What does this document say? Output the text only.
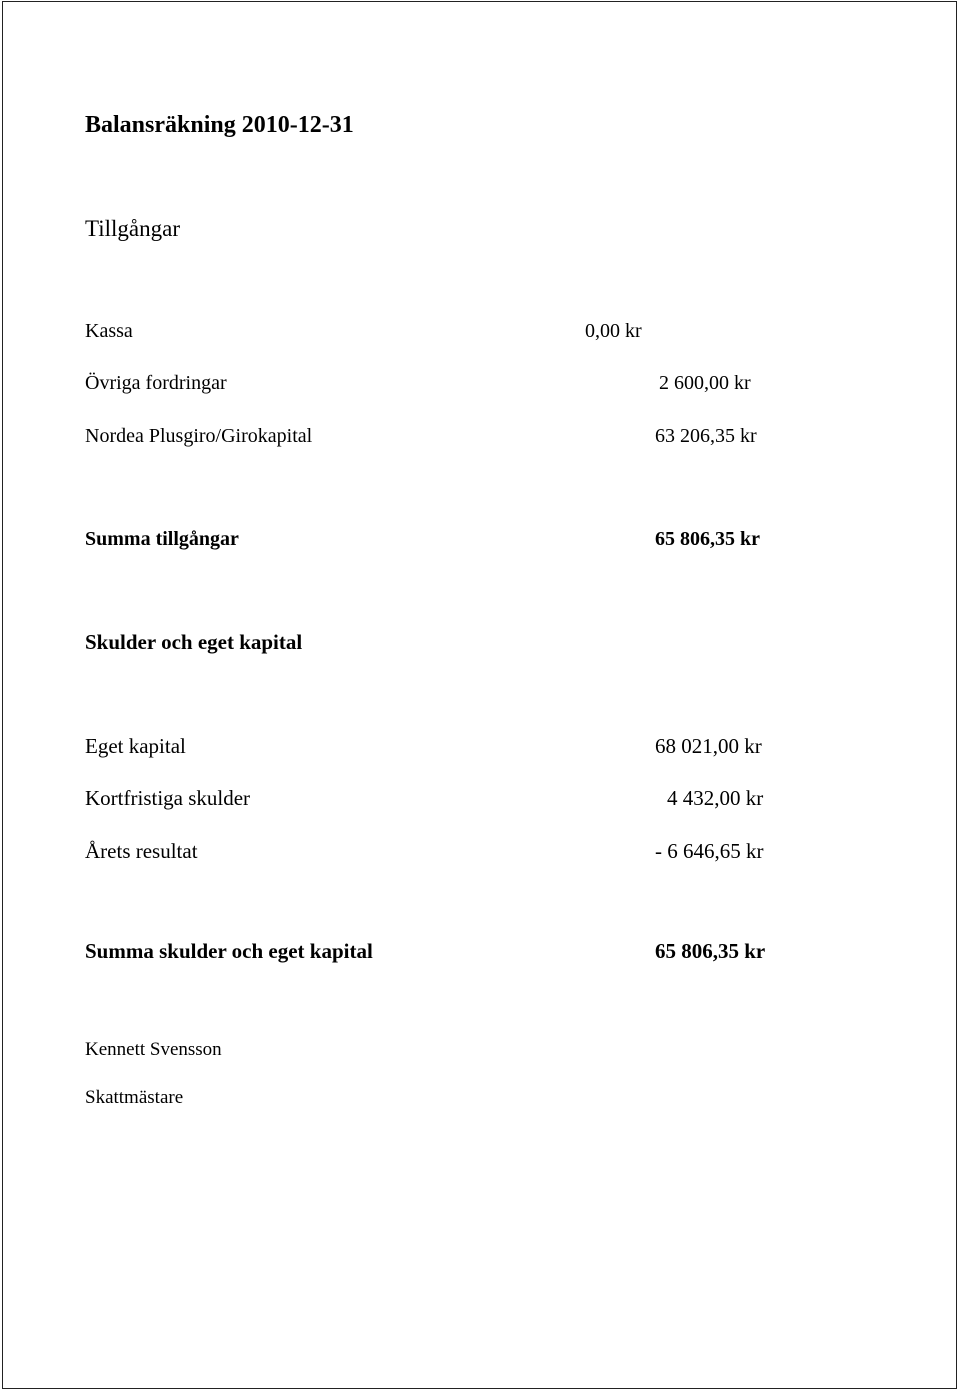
Balansräkning 2010-12-31
Tillgångar
Kassa	0,00 kr
Övriga fordringar	2 600,00 kr
Nordea Plusgiro/Girokapital	63 206,35 kr
Summa tillgångar	65 806,35 kr
Skulder och eget kapital
Eget kapital	68 021,00 kr
Kortfristiga skulder	4 432,00 kr
Årets resultat	- 6 646,65 kr
Summa skulder och eget kapital	65 806,35 kr
Kennett Svensson
Skattmästare
